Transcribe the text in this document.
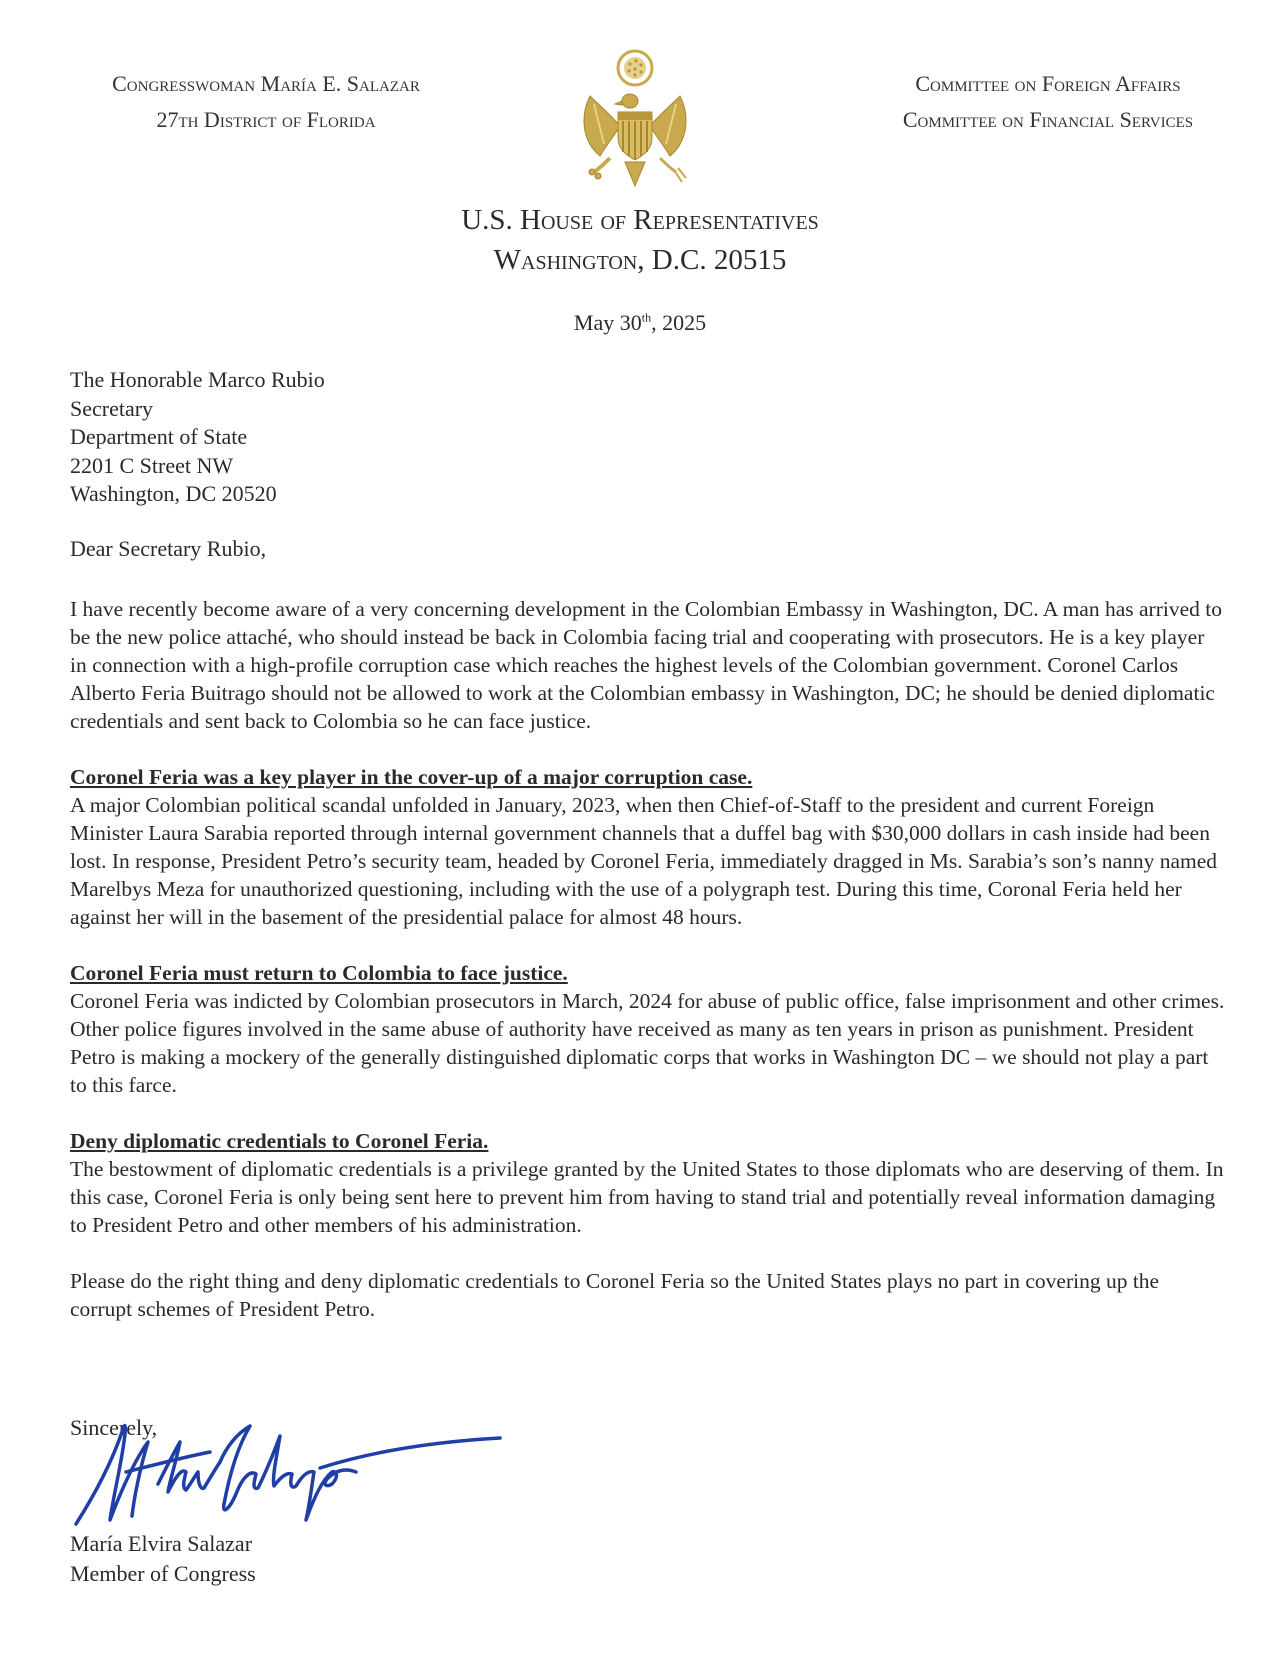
Congresswoman María E. Salazar
27th District of Florida
Committee on Foreign Affairs
Committee on Financial Services
U.S. House of Representatives
Washington, D.C. 20515
May 30th, 2025
The Honorable Marco Rubio
Secretary
Department of State
2201 C Street NW
Washington, DC 20520
Dear Secretary Rubio,

I have recently become aware of a very concerning development in the Colombian Embassy in Washington, DC. A man has arrived to be the new police attaché, who should instead be back in Colombia facing trial and cooperating with prosecutors. He is a key player in connection with a high-profile corruption case which reaches the highest levels of the Colombian government. Coronel Carlos Alberto Feria Buitrago should not be allowed to work at the Colombian embassy in Washington, DC; he should be denied diplomatic credentials and sent back to Colombia so he can face justice.

Coronel Feria was a key player in the cover-up of a major corruption case.
A major Colombian political scandal unfolded in January, 2023, when then Chief-of-Staff to the president and current Foreign Minister Laura Sarabia reported through internal government channels that a duffel bag with $30,000 dollars in cash inside had been lost. In response, President Petro’s security team, headed by Coronel Feria, immediately dragged in Ms. Sarabia’s son’s nanny named Marelbys Meza for unauthorized questioning, including with the use of a polygraph test. During this time, Coronal Feria held her against her will in the basement of the presidential palace for almost 48 hours.

Coronel Feria must return to Colombia to face justice.
Coronel Feria was indicted by Colombian prosecutors in March, 2024 for abuse of public office, false imprisonment and other crimes. Other police figures involved in the same abuse of authority have received as many as ten years in prison as punishment. President Petro is making a mockery of the generally distinguished diplomatic corps that works in Washington DC – we should not play a part to this farce.

Deny diplomatic credentials to Coronel Feria.
The bestowment of diplomatic credentials is a privilege granted by the United States to those diplomats who are deserving of them. In this case, Coronel Feria is only being sent here to prevent him from having to stand trial and potentially reveal information damaging to President Petro and other members of his administration.

Please do the right thing and deny diplomatic credentials to Coronel Feria so the United States plays no part in covering up the corrupt schemes of President Petro.

Sincerely,
María Elvira Salazar
Member of Congress
